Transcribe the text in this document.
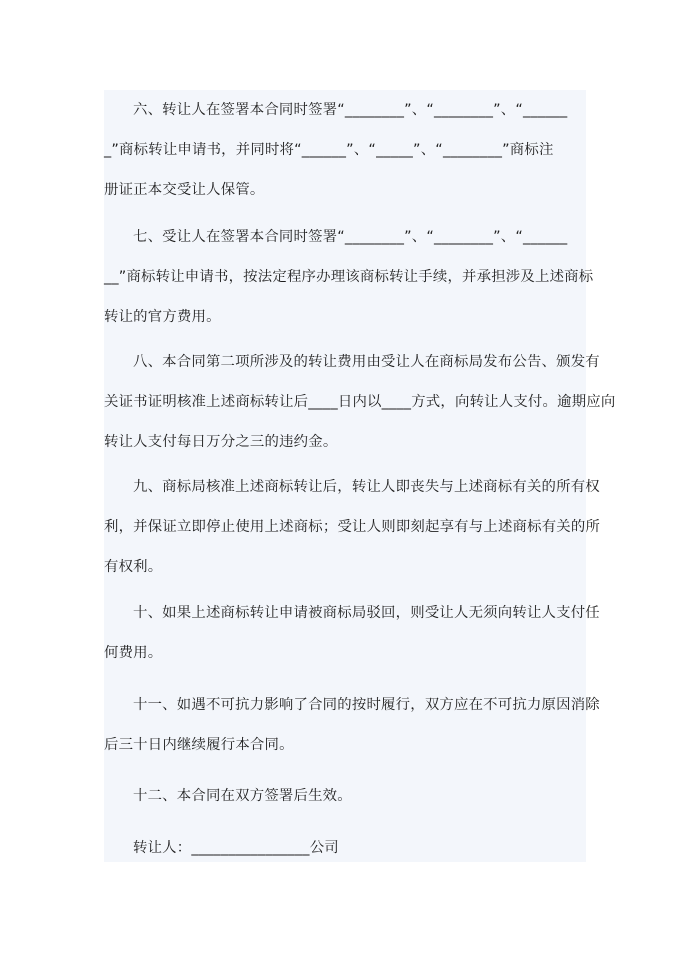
六、转让人在签署本合同时签署“________”、“________”、“______
_”商标转让申请书，并同时将“______”、“_____”、“________”商标注
册证正本交受让人保管。
七、受让人在签署本合同时签署“________”、“________”、“______
__”商标转让申请书，按法定程序办理该商标转让手续，并承担涉及上述商标
转让的官方费用。
八、本合同第二项所涉及的转让费用由受让人在商标局发布公告、颁发有
关证书证明核准上述商标转让后____日内以____方式，向转让人支付。逾期应向
转让人支付每日万分之三的违约金。
九、商标局核准上述商标转让后，转让人即丧失与上述商标有关的所有权
利，并保证立即停止使用上述商标；受让人则即刻起享有与上述商标有关的所
有权利。
十、如果上述商标转让申请被商标局驳回，则受让人无须向转让人支付任
何费用。
十一、如遇不可抗力影响了合同的按时履行，双方应在不可抗力原因消除
后三十日内继续履行本合同。
十二、本合同在双方签署后生效。
转让人：________________公司
